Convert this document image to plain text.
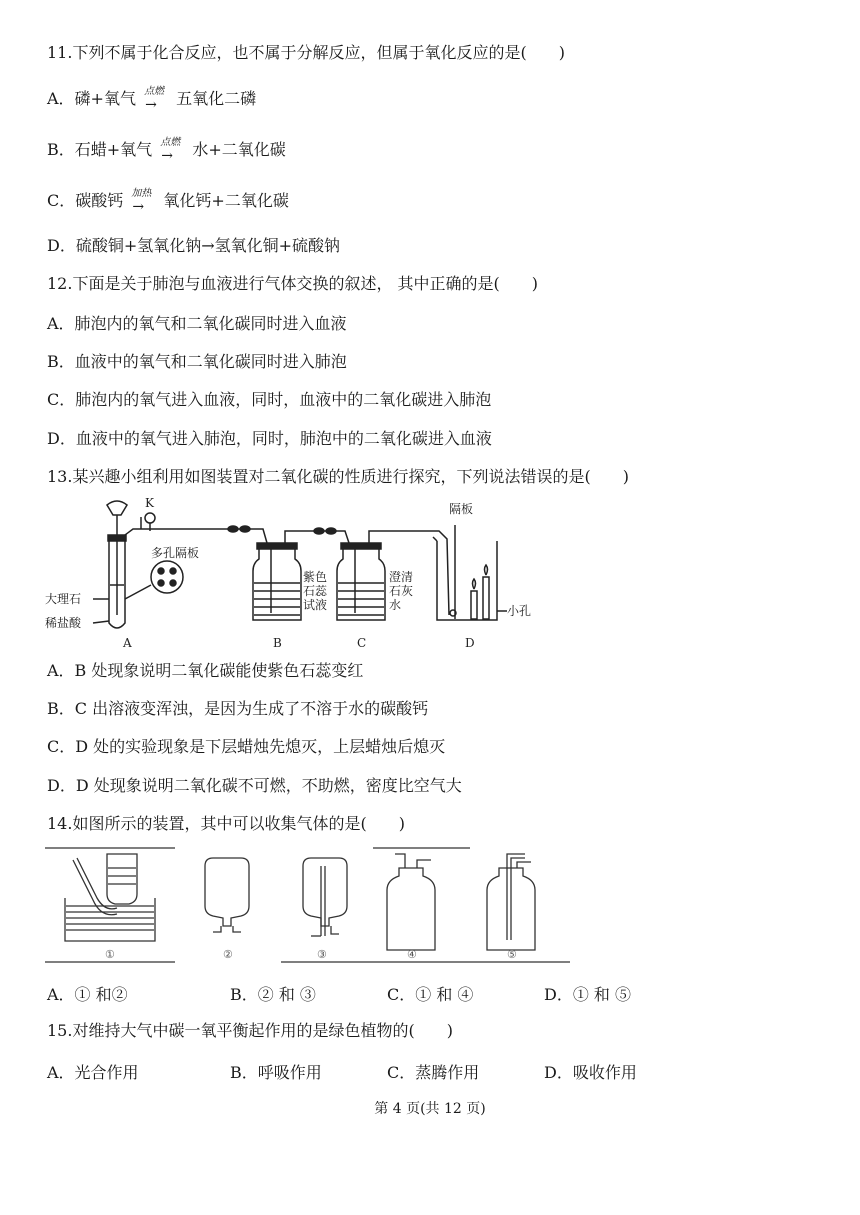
11.下列不属于化合反应，也不属于分解反应，但属于氧化反应的是(　　)
A．磷+氧气 点燃
→ 五氧化二磷
B．石蜡+氧气 点燃
→ 水+二氧化碳
C．碳酸钙 加热
→ 氧化钙+二氧化碳
D．硫酸铜+氢氧化钠→氢氧化铜+硫酸钠
12.下面是关于肺泡与血液进行气体交换的叙述， 其中正确的是(　　)
A．肺泡内的氧气和二氧化碳同时进入血液
B．血液中的氧气和二氧化碳同时进入肺泡
C．肺泡内的氧气进入血液，同时，血液中的二氧化碳进入肺泡
D．血液中的氧气进入肺泡，同时，肺泡中的二氧化碳进入血液
13.某兴趣小组利用如图装置对二氧化碳的性质进行探究，下列说法错误的是(　　)
K
多孔隔板
大理石
稀盐酸
紫色
石蕊
试液
澄清
石灰
水
隔板
小孔
A	B	C	D
A．B 处现象说明二氧化碳能使紫色石蕊变红
B．C 出溶液变浑浊，是因为生成了不溶于水的碳酸钙
C．D 处的实验现象是下层蜡烛先熄灭，上层蜡烛后熄灭
D．D 处现象说明二氧化碳不可燃，不助燃，密度比空气大
14.如图所示的装置，其中可以收集气体的是(　　)
①	②	③	④	⑤
A．① 和②	B．② 和 ③	C．① 和 ④	D．① 和 ⑤
15.对维持大气中碳一氧平衡起作用的是绿色植物的(　　)
A．光合作用	B．呼吸作用	C．蒸腾作用	D．吸收作用
第 4 页(共 12 页)
